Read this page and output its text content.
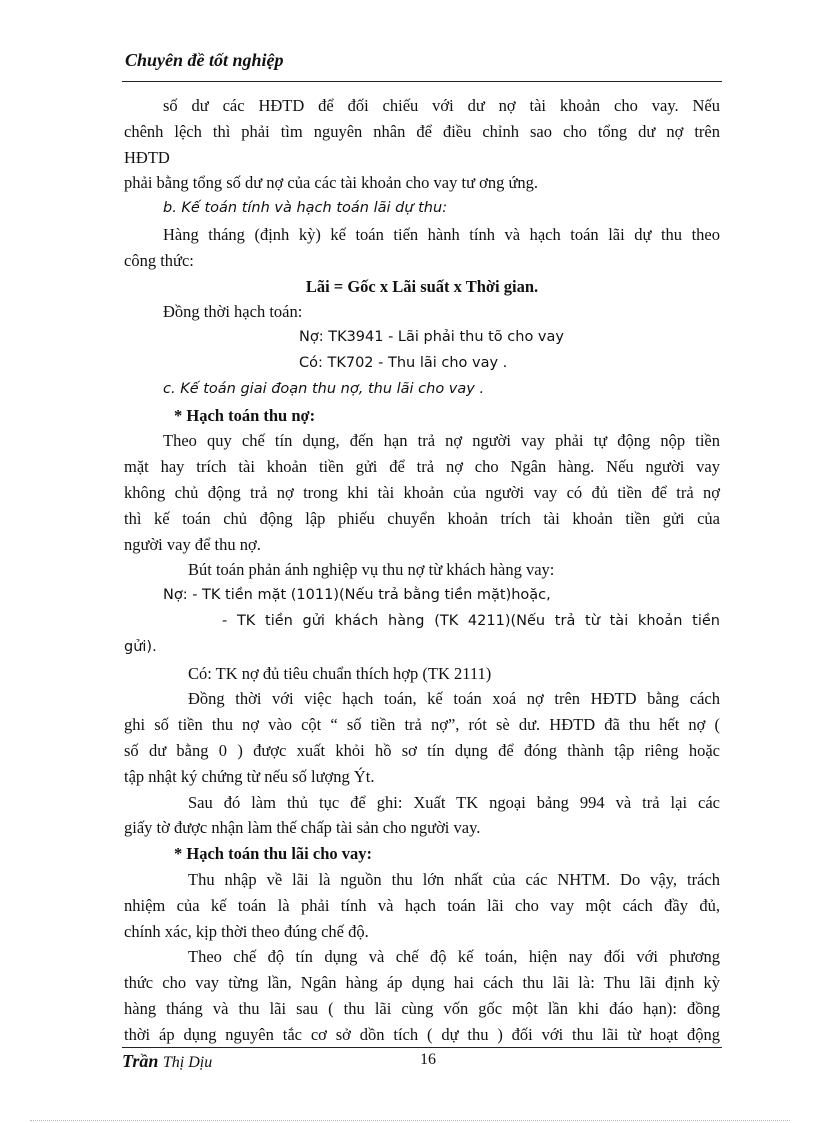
Chuyên đề tốt nghiệp
số dư các HĐTD để đối chiếu với dư nợ tài khoản cho vay. Nếu
chênh lệch thì phải tìm nguyên nhân để điều chỉnh sao cho tổng dư nợ trên
HĐTD
phải bằng tổng số dư nợ của các tài khoản cho vay tư ơng ứng.
b. Kế toán tính và hạch toán lãi dự thu:
Hàng tháng (định kỳ) kế toán tiến hành tính và hạch toán lãi dự thu theo
công thức:
Lãi = Gốc x Lãi suất x Thời gian.
Đồng thời hạch toán:
Nợ: TK3941 - Lãi phải thu tõ cho vay
Có: TK702 - Thu lãi cho vay .
c. Kế toán giai đoạn thu nợ, thu lãi cho vay .
* Hạch toán thu nợ:
Theo quy chế tín dụng, đến hạn trả nợ người vay phải tự động nộp tiền
mặt hay trích tài khoản tiền gửi để trả nợ cho Ngân hàng. Nếu người vay
không chủ động trả nợ trong khi tài khoản của người vay có đủ tiền để trả nợ
thì kế toán chủ động lập phiếu chuyển khoản trích tài khoản tiền gửi của
người vay để thu nợ.
Bút toán phản ánh nghiệp vụ thu nợ từ khách hàng vay:
Nợ: - TK tiền mặt (1011)(Nếu trả bằng tiền mặt)hoặc,
- TK tiền gửi khách hàng (TK 4211)(Nếu trả từ tài khoản tiền
gửi).
Có: TK nợ đủ tiêu chuẩn thích hợp (TK 2111)
Đồng thời với việc hạch toán, kế toán xoá nợ trên HĐTD bằng cách
ghi số tiền thu nợ vào cột “ số tiền trả nợ”, rót sè dư. HĐTD đã thu hết nợ (
số dư bằng 0 ) được xuất khỏi hồ sơ tín dụng để đóng thành tập riêng hoặc
tập nhật ký chứng từ nếu số lượng Ýt.
Sau đó làm thủ tục để ghi: Xuất TK ngoại bảng 994 và trả lại các
giấy tờ được nhận làm thế chấp tài sản cho người vay.
* Hạch toán thu lãi cho vay:
Thu nhập về lãi là nguồn thu lớn nhất của các NHTM. Do vậy, trách
nhiệm của kế toán là phải tính và hạch toán lãi cho vay một cách đầy đủ,
chính xác, kịp thời theo đúng chế độ.
Theo chế độ tín dụng và chế độ kế toán, hiện nay đối với phương
thức cho vay từng lần, Ngân hàng áp dụng hai cách thu lãi là: Thu lãi định kỳ
hàng tháng và thu lãi sau ( thu lãi cùng vốn gốc một lần khi đáo hạn): đồng
thời áp dụng nguyên tắc cơ sở dồn tích ( dự thu ) đối với thu lãi từ hoạt động
Trần Thị Dịu	16
